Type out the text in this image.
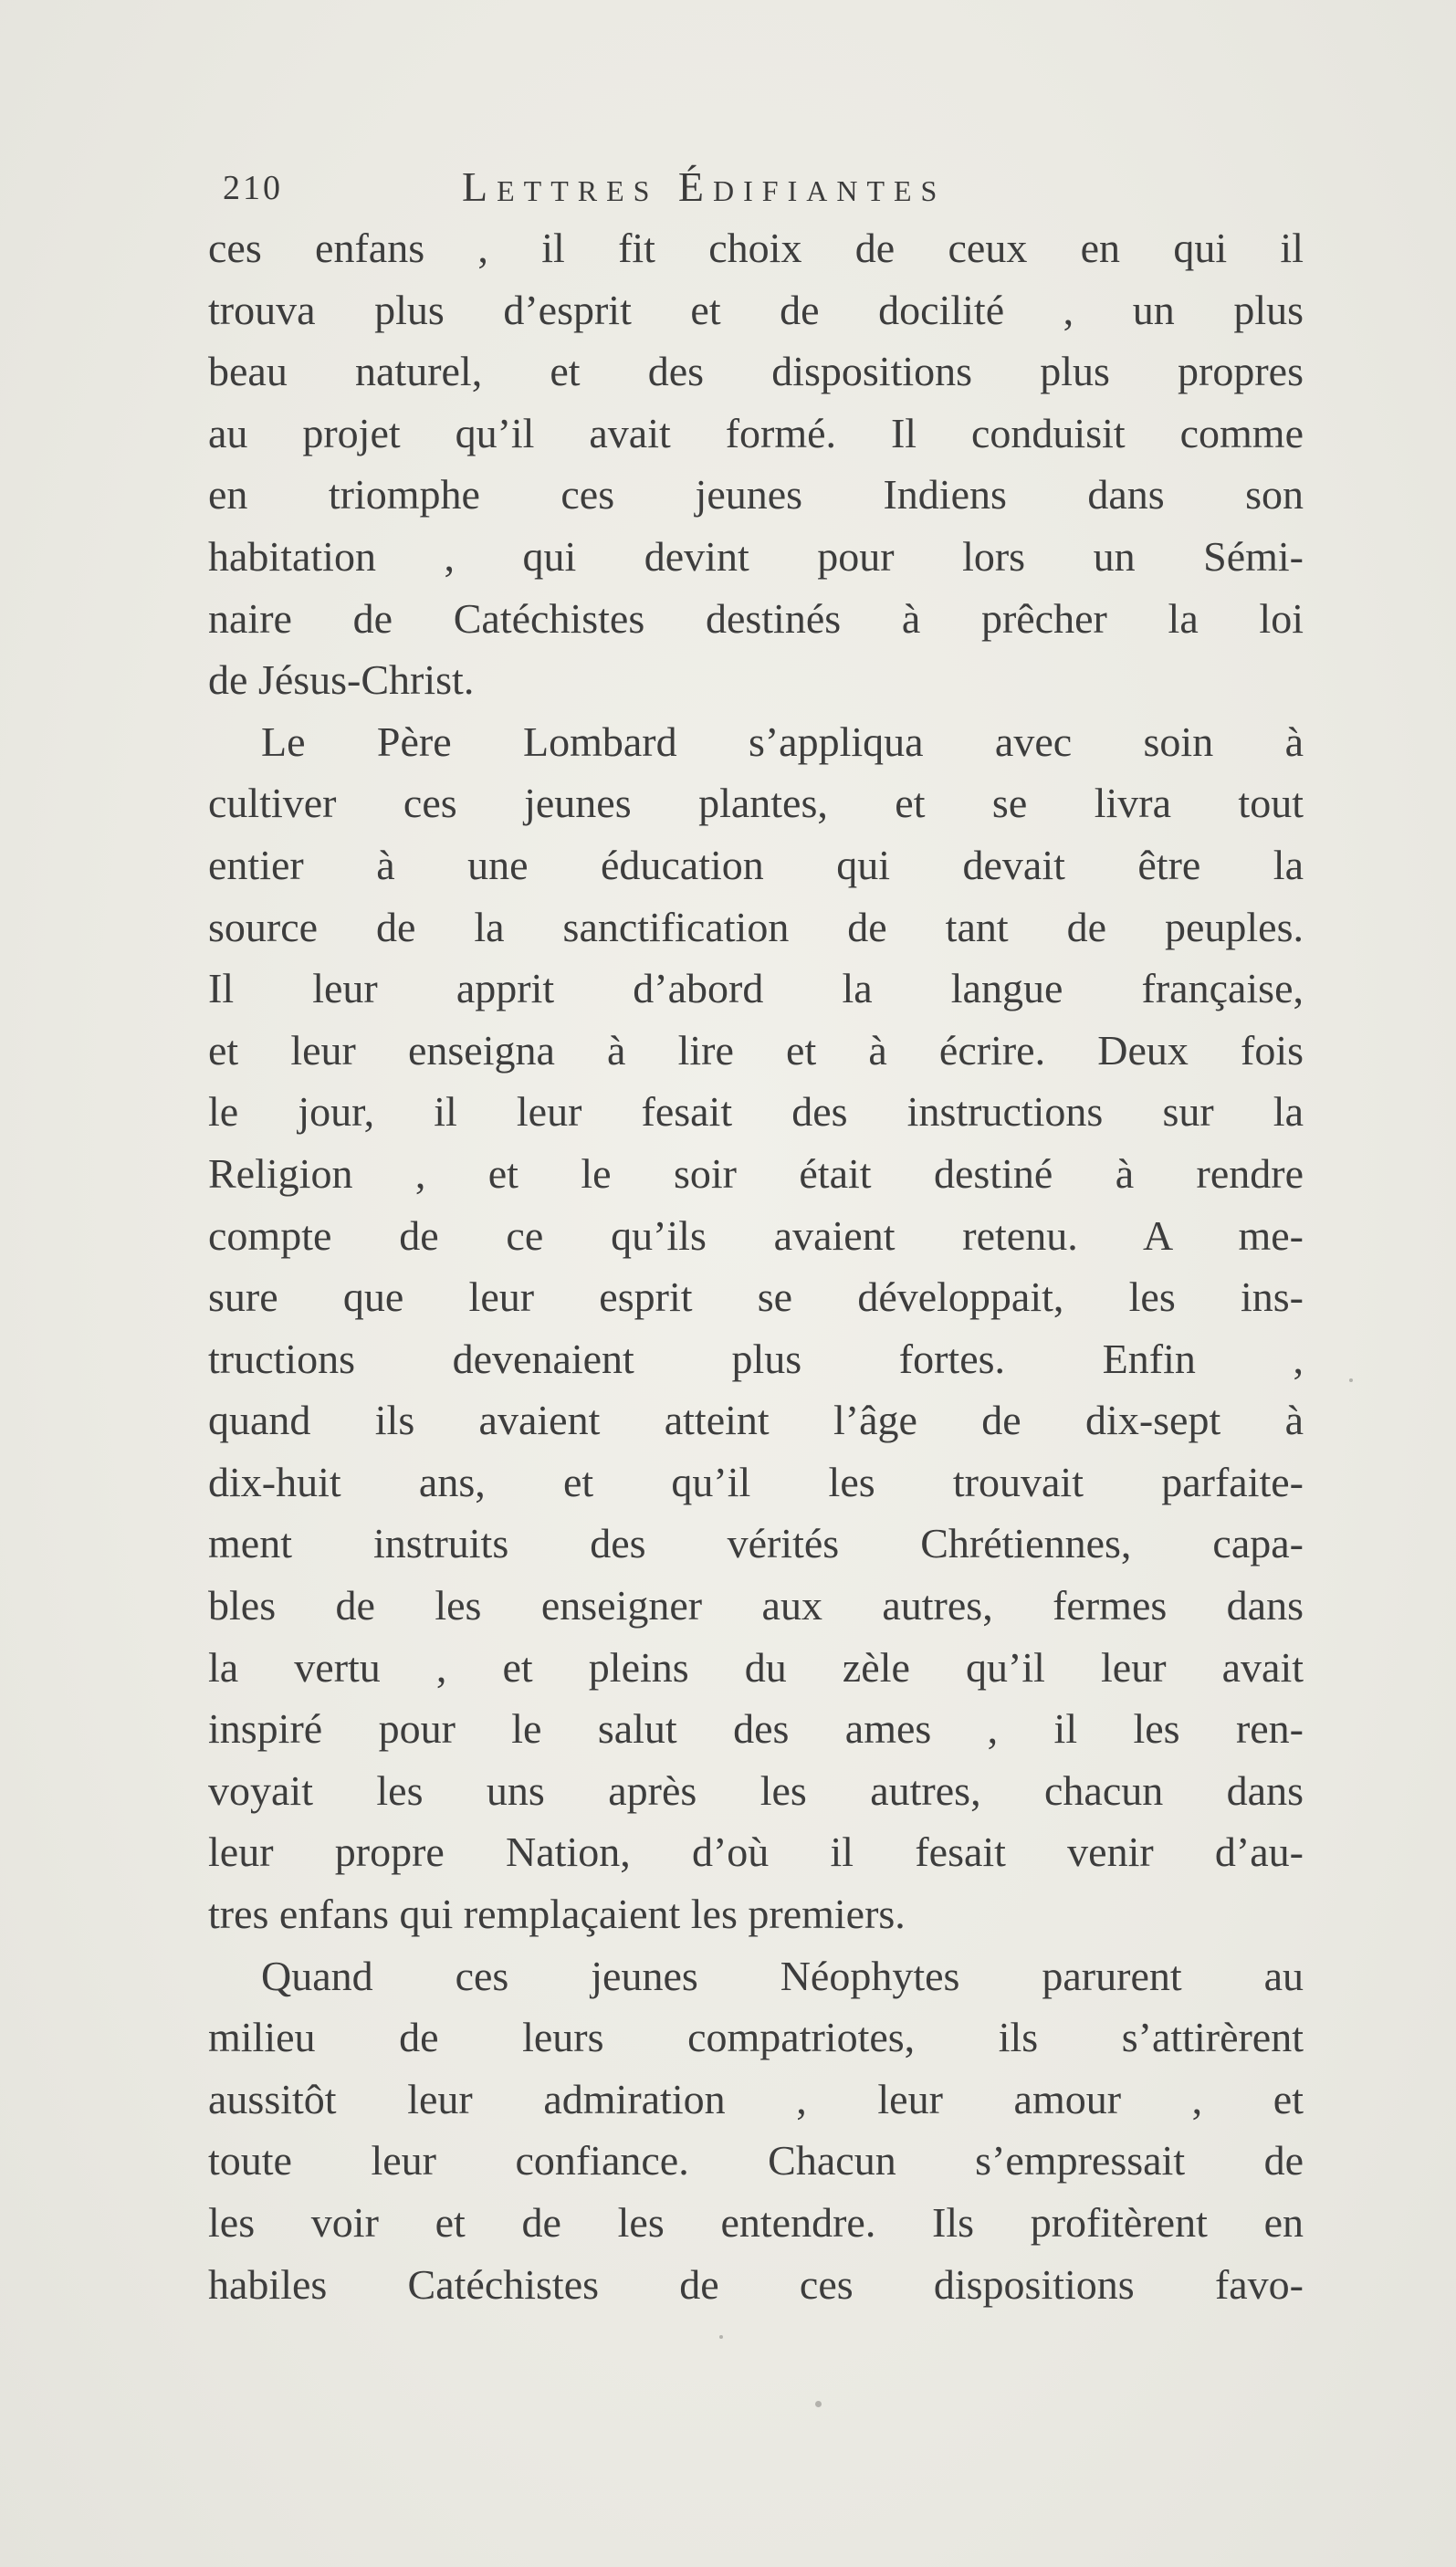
210	Lettres Édifiantes
ces enfans , il fit choix de ceux en qui il
trouva plus d’esprit et de docilité , un plus
beau naturel, et des dispositions plus propres
au projet qu’il avait formé. Il conduisit comme
en triomphe ces jeunes Indiens dans son
habitation , qui devint pour lors un Sémi-
naire de Catéchistes destinés à prêcher la loi
de Jésus-Christ.
Le Père Lombard s’appliqua avec soin à
cultiver ces jeunes plantes, et se livra tout
entier à une éducation qui devait être la
source de la sanctification de tant de peuples.
Il leur apprit d’abord la langue française,
et leur enseigna à lire et à écrire. Deux fois
le jour, il leur fesait des instructions sur la
Religion , et le soir était destiné à rendre
compte de ce qu’ils avaient retenu. A me-
sure que leur esprit se développait, les ins-
tructions devenaient plus fortes. Enfin ,
quand ils avaient atteint l’âge de dix-sept à
dix-huit ans, et qu’il les trouvait parfaite-
ment instruits des vérités Chrétiennes, capa-
bles de les enseigner aux autres, fermes dans
la vertu , et pleins du zèle qu’il leur avait
inspiré pour le salut des ames , il les ren-
voyait les uns après les autres, chacun dans
leur propre Nation, d’où il fesait venir d’au-
tres enfans qui remplaçaient les premiers.
Quand ces jeunes Néophytes parurent au
milieu de leurs compatriotes, ils s’attirèrent
aussitôt leur admiration , leur amour , et
toute leur confiance. Chacun s’empressait de
les voir et de les entendre. Ils profitèrent en
habiles Catéchistes de ces dispositions favo-
